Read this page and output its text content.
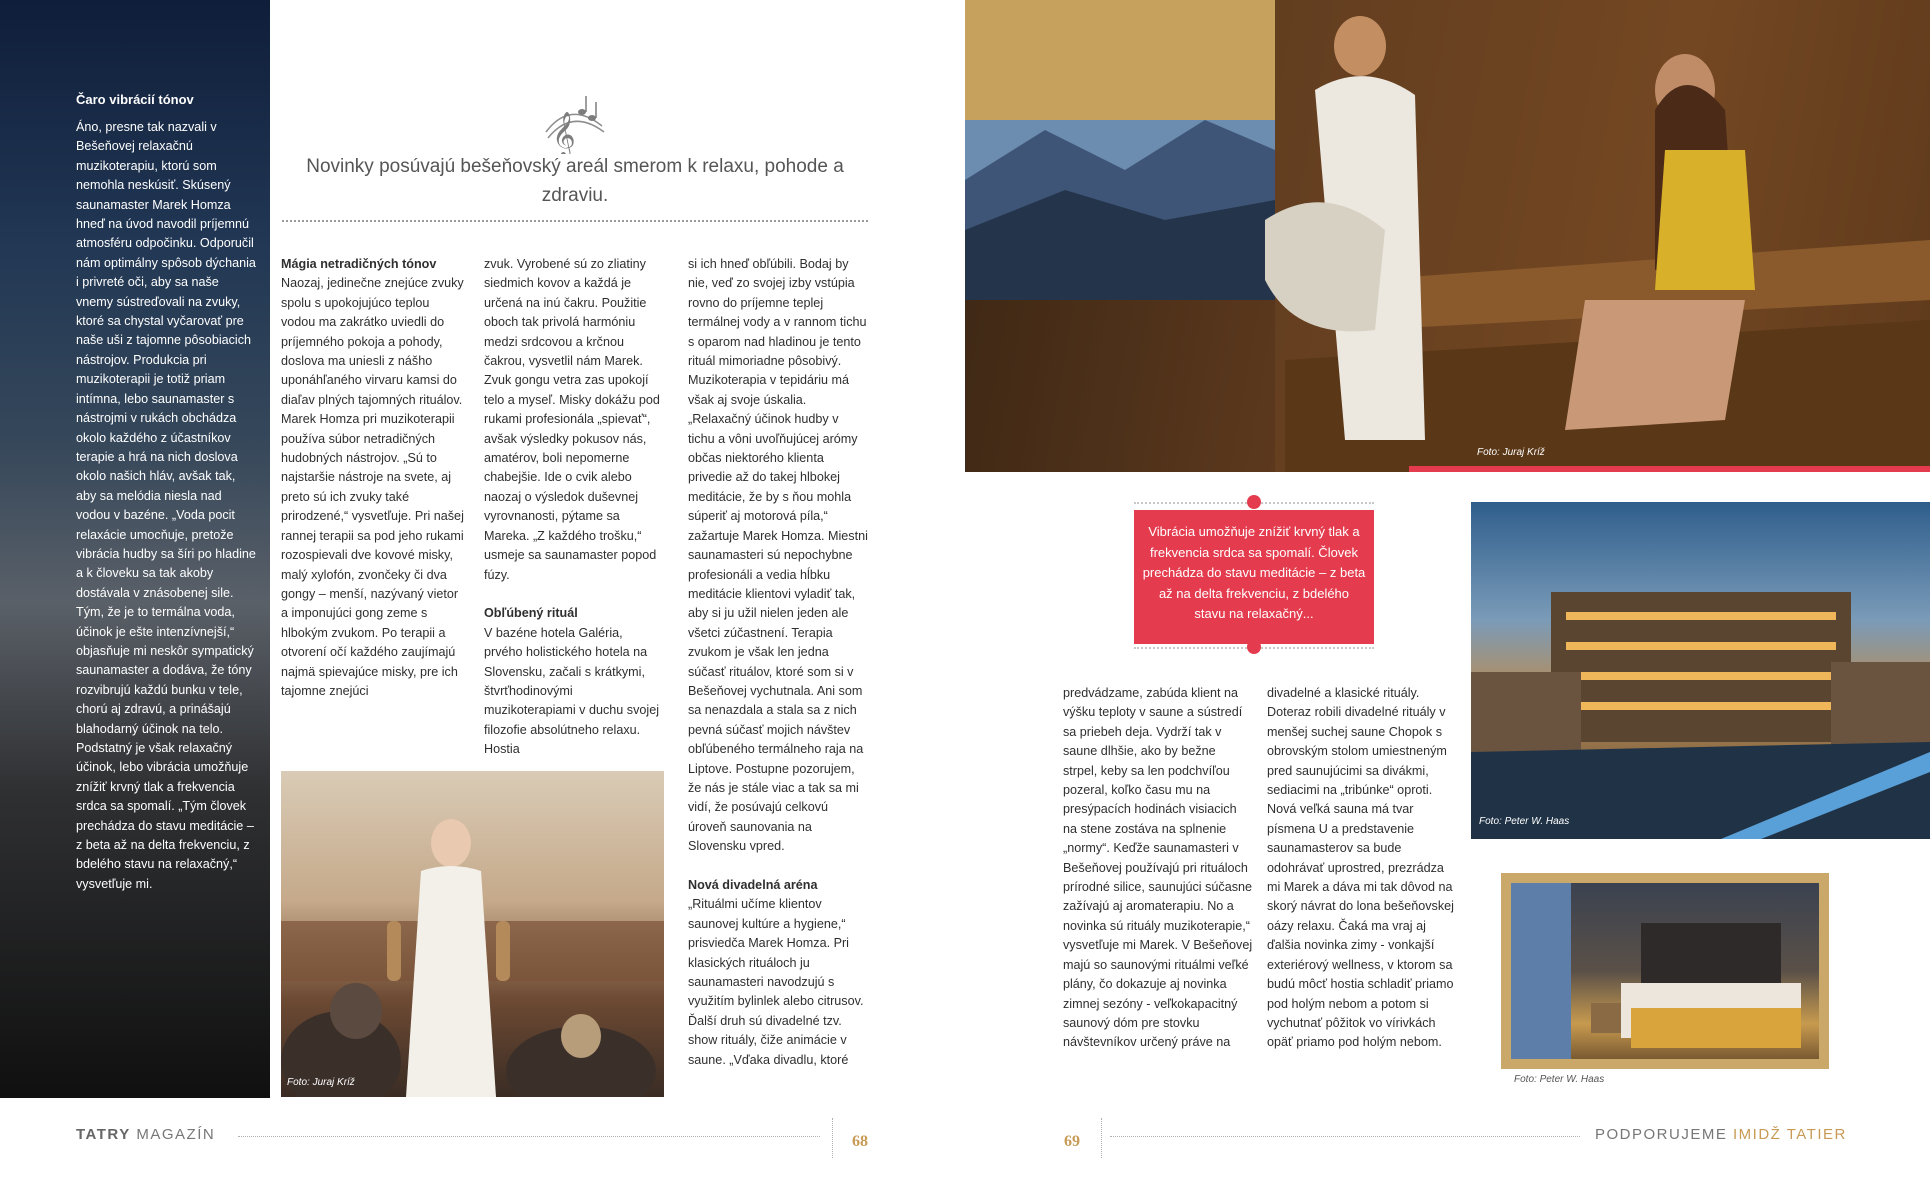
Čaro vibrácií tónov

Áno, presne tak nazvali v Bešeňovej relaxačnú muzikoterapiu, ktorú som nemohla neskúsiť. Skúsený saunamaster Marek Homza hneď na úvod navodil príjemnú atmosféru odpočinku. Odporučil nám optimálny spôsob dýchania i privreté oči, aby sa naše vnemy sústreďovali na zvuky, ktoré sa chystal vyčarovať pre naše uši z tajomne pôsobiacich nástrojov. Produkcia pri muzikoterapii je totiž priam intímna, lebo saunamaster s nástrojmi v rukách obchádza okolo každého z účastníkov terapie a hrá na nich doslova okolo našich hláv, avšak tak, aby sa melódia niesla nad vodou v bazéne. „Voda pocit relaxácie umocňuje, pretože vibrácia hudby sa šíri po hladine a k človeku sa tak akoby dostávala v znásobenej sile. Tým, že je to termálna voda, účinok je ešte intenzívnejší,“ objasňuje mi neskôr sympatický saunamaster a dodáva, že tóny rozvibrujú každú bunku v tele, chorú aj zdravú, a prinášajú blahodarný účinok na telo. Podstatný je však relaxačný účinok, lebo vibrácia umožňuje znížiť krvný tlak a frekvencia srdca sa spomalí. „Tým človek prechádza do stavu meditácie – z beta až na delta frekvenciu, z bdelého stavu na relaxačný,“ vysvetľuje mi.

𝄞
Novinky posúvajú bešeňovský areál smerom k relaxu, pohode a zdraviu.
Mágia netradičných tónov

Naozaj, jedinečne znejúce zvuky spolu s upokojujúco teplou vodou ma zakrátko uviedli do príjemného pokoja a pohody, doslova ma uniesli z nášho uponáhľaného virvaru kamsi do diaľav plných tajomných rituálov. Marek Homza pri muzikoterapii používa súbor netradičných hudobných nástrojov. „Sú to najstaršie nástroje na svete, aj preto sú ich zvuky také prirodzené,“ vysvetľuje. Pri našej rannej terapii sa pod jeho rukami rozospievali dve kovové misky, malý xylofón, zvončeky či dva gongy – menší, nazývaný vietor a imponujúci gong zeme s hlbokým zvukom. Po terapii a otvorení očí každého zaujímajú najmä spievajúce misky, pre ich tajomne znejúci

zvuk. Vyrobené sú zo zliatiny siedmich kovov a každá je určená na inú čakru. Použitie oboch tak privolá harmóniu medzi srdcovou a krčnou čakrou, vysvetlil nám Marek. Zvuk gongu vetra zas upokojí telo a myseľ. Misky dokážu pod rukami profesionála „spievať“, avšak výsledky pokusov nás, amatérov, boli nepomerne chabejšie. Ide o cvik alebo naozaj o výsledok duševnej vyrovnanosti, pýtame sa Mareka. „Z každého trošku,“ usmeje sa saunamaster popod fúzy.

Obľúbený rituál

V bazéne hotela Galéria, prvého holistického hotela na Slovensku, začali s krátkymi, štvrťhodinovými muzikoterapiami v duchu svojej filozofie absolútneho relaxu. Hostia

si ich hneď obľúbili. Bodaj by nie, veď zo svojej izby vstúpia rovno do príjemne teplej termálnej vody a v rannom tichu s oparom nad hladinou je tento rituál mimoriadne pôsobivý. Muzikoterapia v tepidáriu má však aj svoje úskalia. „Relaxačný účinok hudby v tichu a vôni uvoľňujúcej arómy občas niektorého klienta privedie až do takej hlbokej meditácie, že by s ňou mohla súperiť aj motorová píla,“ zažartuje Marek Homza. Miestni saunamasteri sú nepochybne profesionáli a vedia hĺbku meditácie klientovi vyladiť tak, aby si ju užil nielen jeden ale všetci zúčastnení. Terapia zvukom je však len jedna súčasť rituálov, ktoré som si v Bešeňovej vychutnala. Ani som sa nenazdala a stala sa z nich pevná súčasť mojich návštev obľúbeného termálneho raja na Liptove. Postupne pozorujem, že nás je stále viac a tak sa mi vidí, že posúvajú celkovú úroveň saunovania na Slovensku vpred.

Nová divadelná aréna

„Rituálmi učíme klientov saunovej kultúre a hygiene,“ prisviedča Marek Homza. Pri klasických rituáloch ju saunamasteri navodzujú s využitím bylinlek alebo citrusov. Ďalší druh sú divadelné tzv. show rituály, čiže animácie v saune. „Vďaka divadlu, ktoré

Foto: Juraj Kríž
Foto: Juraj Kríž
Vibrácia umožňuje znížiť krvný tlak a frekvencia srdca sa spomalí. Človek prechádza do stavu meditácie – z beta až na delta frekvenciu, z bdelého stavu na relaxačný...

predvádzame, zabúda klient na výšku teploty v saune a sústredí sa priebeh deja. Vydrží tak v saune dlhšie, ako by bežne strpel, keby sa len podchvíľou pozeral, koľko času mu na presýpacích hodinách visiacich na stene zostáva na splnenie „normy“. Keďže saunamasteri v Bešeňovej používajú pri rituáloch prírodné silice, saunujúci súčasne zažívajú aj aromaterapiu. No a novinka sú rituály muzikoterapie,“ vysvetľuje mi Marek. V Bešeňovej majú so saunovými rituálmi veľké plány, čo dokazuje aj novinka zimnej sezóny - veľkokapacitný saunový dóm pre stovku návštevníkov určený práve na

divadelné a klasické rituály. Doteraz robili divadelné rituály v menšej suchej saune Chopok s obrovským stolom umiestneným pred saunujúcimi sa divákmi, sediacimi na „tribúnke“ oproti. Nová veľká sauna má tvar písmena U a predstavenie saunamasterov sa bude odohrávať uprostred, prezrádza mi Marek a dáva mi tak dôvod na skorý návrat do lona bešeňovskej oázy relaxu. Čaká ma vraj aj ďalšia novinka zimy - vonkajší exteriérový wellness, v ktorom sa budú môcť hostia schladiť priamo pod holým nebom a potom si vychutnať pôžitok vo vírivkách opäť priamo pod holým nebom.

Foto: Peter W. Haas
Foto: Peter W. Haas
TATRY MAGAZÍN	68	69	PODPORUJEME IMIDŽ TATIER
